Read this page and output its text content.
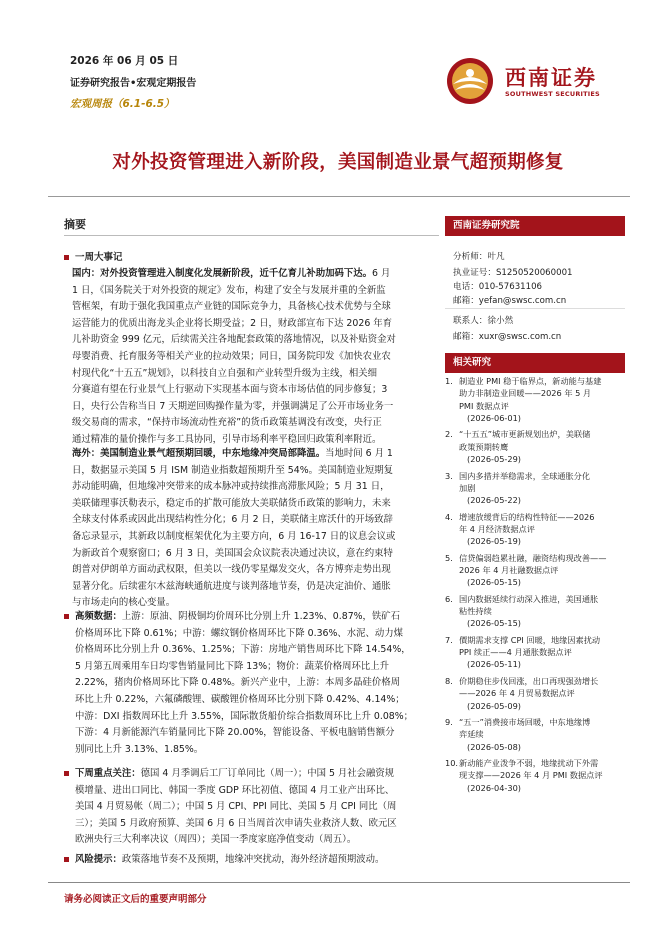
2026 年 06 月 05 日
证券研究报告•宏观定期报告
宏观周报（6.1-6.5）
西南证券
SOUTHWEST SECURITIES
对外投资管理进入新阶段，美国制造业景气超预期修复
摘要
一周大事记
国内：对外投资管理进入制度化发展新阶段，近千亿育儿补助加码下达。6 月
1 日，《国务院关于对外投资的规定》发布，构建了安全与发展并重的全新监
管框架，有助于强化我国重点产业链的国际竞争力，具备核心技术优势与全球
运营能力的优质出海龙头企业将长期受益；2 日，财政部宣布下达 2026 年育
儿补助资金 999 亿元，后续需关注各地配套政策的落地情况，以及补贴资金对
母婴消费、托育服务等相关产业的拉动效果；同日，国务院印发《加快农业农
村现代化“十五五”规划》，以科技自立自强和产业转型升级为主线，相关细
分赛道有望在行业景气上行驱动下实现基本面与资本市场估值的同步修复；3
日，央行公告称当日 7 天期逆回购操作量为零，并强调满足了公开市场业务一
级交易商的需求，“保持市场流动性充裕”的货币政策基调没有改变，央行正
通过精准的量价操作与多工具协同，引导市场利率平稳回归政策利率附近。
海外：美国制造业景气超预期回暖，中东地缘冲突局部降温。当地时间 6 月 1
日，数据显示美国 5 月 ISM 制造业指数超预期升至 54%。美国制造业短期复
苏动能明确，但地缘冲突带来的成本脉冲或持续推高滞胀风险；5 月 31 日，
美联储理事沃勒表示，稳定币的扩散可能放大美联储货币政策的影响力，未来
全球支付体系或因此出现结构性分化；6 月 2 日，美联储主席沃什的开场致辞
备忘录显示，其新政以制度框架优化为主要方向，6 月 16-17 日的议息会议或
为新政首个观察窗口；6 月 3 日，美国国会众议院表决通过决议，意在约束特
朗普对伊朗单方面动武权限，但美以一线仍零星爆发交火，各方博弈走势出现
显著分化。后续霍尔木兹海峡通航进度与谈判落地节奏，仍是决定油价、通胀
与市场走向的核心变量。
高频数据：上游：原油、阴极铜均价周环比分别上升 1.23%、0.87%，铁矿石
价格周环比下降 0.61%；中游：螺纹钢价格周环比下降 0.36%、水泥、动力煤
价格周环比分别上升 0.36%、1.25%；下游：房地产销售周环比下降 14.54%，
5 月第五周乘用车日均零售销量同比下降 13%；物价：蔬菜价格周环比上升
2.22%，猪肉价格周环比下降 0.48%。新兴产业中，上游：本周多晶硅价格周
环比上升 0.22%，六氟磷酸锂、碳酸锂价格周环比分别下降 0.42%、4.14%；
中游：DXI 指数周环比上升 3.55%，国际散货船价综合指数周环比上升 0.08%；
下游：4 月新能源汽车销量同比下降 20.00%，智能设备、平板电脑销售额分
别同比上升 3.13%、1.85%。
下周重点关注：德国 4 月季调后工厂订单同比（周一）；中国 5 月社会融资规
模增量、进出口同比、韩国一季度 GDP 环比初值、德国 4 月工业产出环比、
美国 4 月贸易帐（周二）；中国 5 月 CPI、PPI 同比、美国 5 月 CPI 同比（周
三）；美国 5 月政府预算、美国 6 月 6 日当周首次申请失业救济人数、欧元区
欧洲央行三大利率决议（周四）；美国一季度家庭净值变动（周五）。
风险提示：政策落地节奏不及预期，地缘冲突扰动，海外经济超预期波动。
西南证券研究院
分析师：叶凡
执业证号：S1250520060001
电话：010-57631106
邮箱：yefan@swsc.com.cn
联系人：徐小然
邮箱：xuxr@swsc.com.cn
相关研究
1. 制造业 PMI 稳于临界点，新动能与基建
助力非制造业回暖——2026 年 5 月
PMI 数据点评
(2026-06-01)
2. “十五五”城市更新规划出炉，美联储
政策预期转鹰
(2026-05-29)
3. 国内多措并举稳需求，全球通胀分化
加剧
(2026-05-22)
4. 增速放缓背后的结构性特征——2026
年 4 月经济数据点评
(2026-05-19)
5. 信贷偏弱趋累社融，融资结构现改善——
2026 年 4 月社融数据点评
(2026-05-15)
6. 国内数据延续行动深入推进，美国通胀
粘性持续
(2026-05-15)
7. 價期需求支撑 CPI 回暖，地缘因素扰动
PPI 续正——4 月通胀数据点评
(2026-05-11)
8. 价期稳住步伐回涨，出口再现强劲增长
——2026 年 4 月贸易数据点评
(2026-05-09)
9. “五一”消费接市场回暖，中东地缘博
弈延续
(2026-05-08)
10. 新动能产业泼争不弱，地缘扰动下外需
现支撑——2026 年 4 月 PMI 数据点评
(2026-04-30)
请务必阅读正文后的重要声明部分
